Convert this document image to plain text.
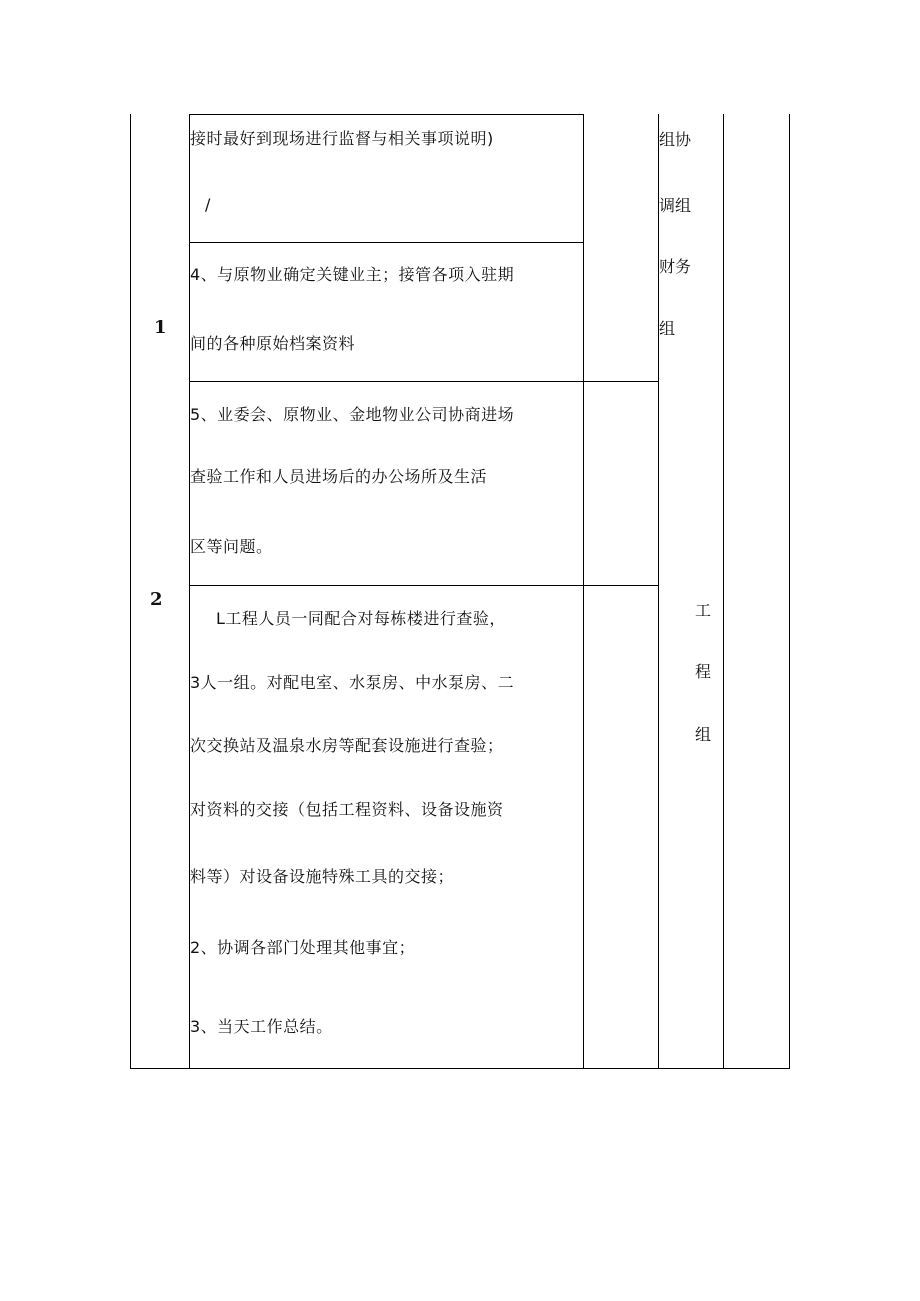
1
2
接时最好到现场进行监督与相关事项说明)
/
4、与原物业确定关键业主；接管各项入驻期
间的各种原始档案资料
5、业委会、原物业、金地物业公司协商进场
查验工作和人员进场后的办公场所及生活
区等问题。
L工程人员一同配合对每栋楼进行查验，
3人一组。对配电室、水泵房、中水泵房、二
次交换站及温泉水房等配套设施进行查验；
对资料的交接（包括工程资料、设备设施资
料等）对设备设施特殊工具的交接；
2、协调各部门处理其他事宜；
3、当天工作总结。
组协
调组
财务
组
工
程
组
